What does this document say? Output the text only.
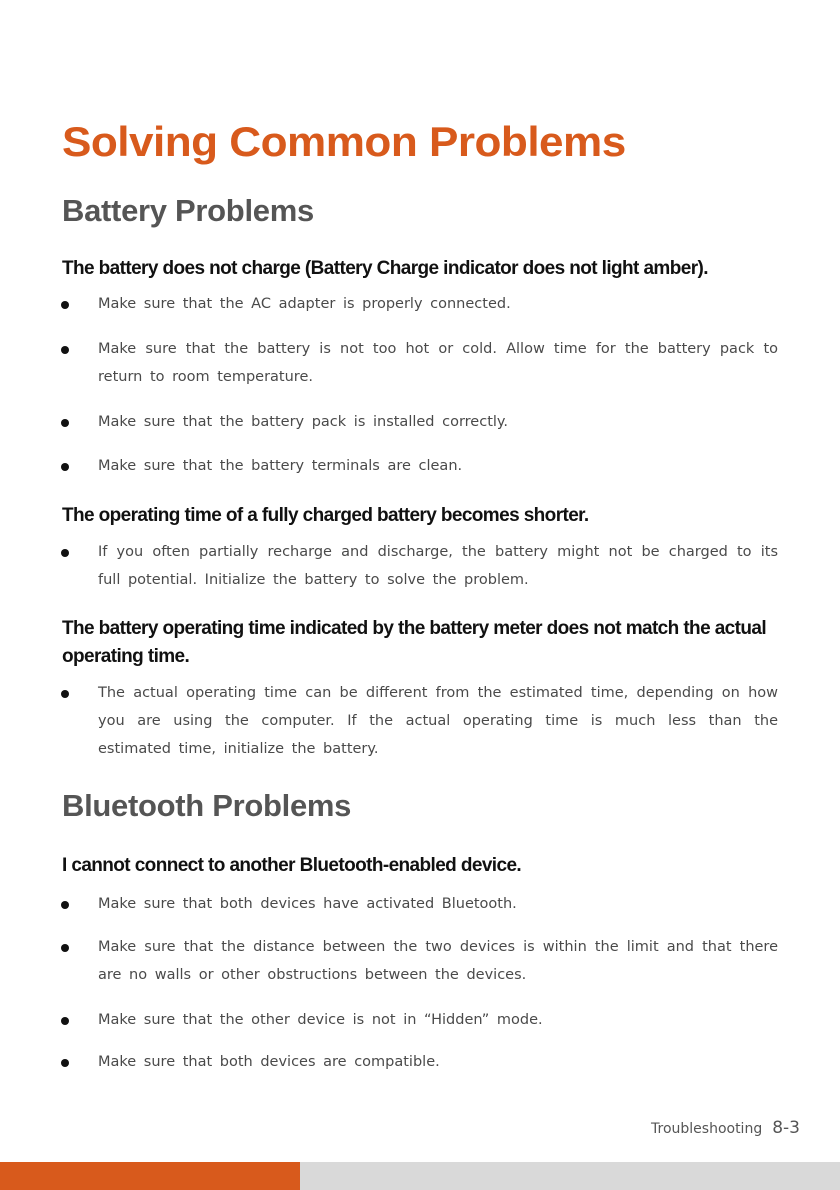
Solving Common Problems
Battery Problems
The battery does not charge (Battery Charge indicator does not light amber).
Make sure that the AC adapter is properly connected.
Make sure that the battery is not too hot or cold. Allow time for the battery pack to return to room temperature.
Make sure that the battery pack is installed correctly.
Make sure that the battery terminals are clean.
If you often partially recharge and discharge, the battery might not be charged to its full potential. Initialize the battery to solve the problem.
The actual operating time can be different from the estimated time, depending on how you are using the computer. If the actual operating time is much less than the estimated time, initialize the battery.
Make sure that both devices have activated Bluetooth.
Make sure that the distance between the two devices is within the limit and that there are no walls or other obstructions between the devices.
Make sure that the other device is not in “Hidden” mode.
Make sure that both devices are compatible.
The operating time of a fully charged battery becomes shorter.
The battery operating time indicated by the battery meter does not match the actual operating time.
Bluetooth Problems
I cannot connect to another Bluetooth-enabled device.
Troubleshooting 8-3
